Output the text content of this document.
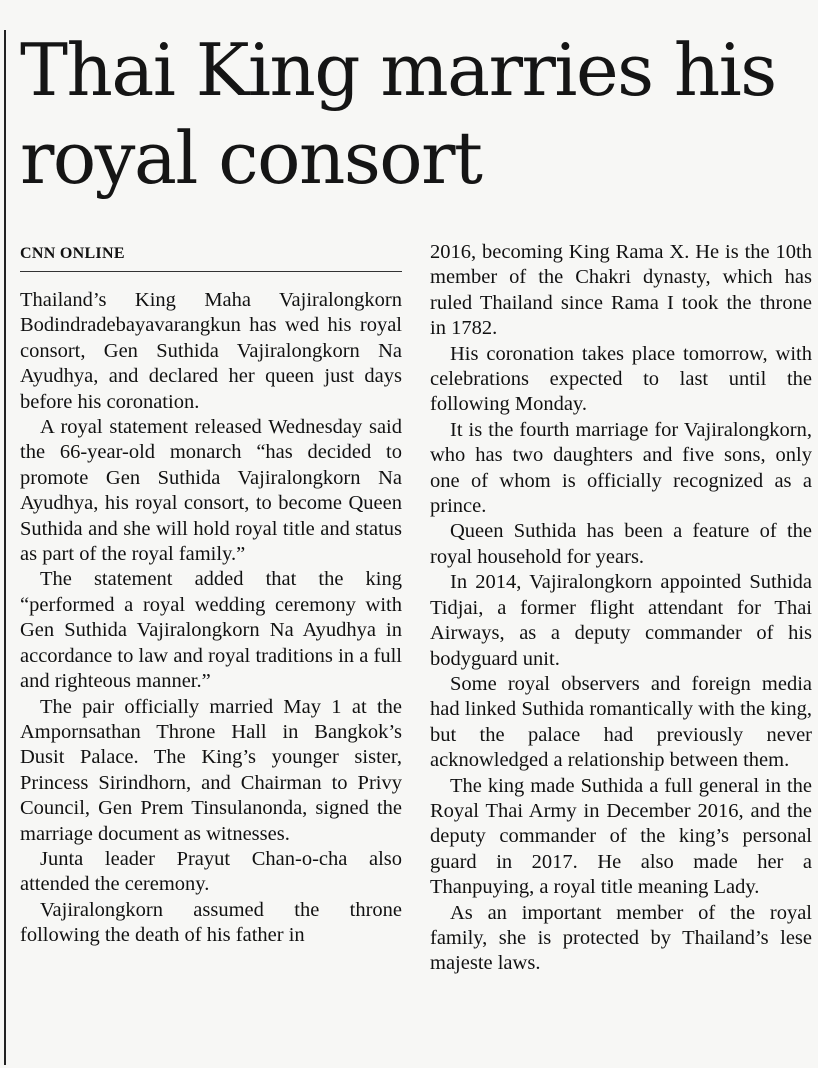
Thai King marries his royal consort
CNN ONLINE

Thailand’s King Maha Vajiralongkorn Bodindradebayavarangkun has wed his royal consort, Gen Suthida Vajiralongkorn Na Ayudhya, and declared her queen just days before his coronation.

A royal statement released Wednesday said the 66-year-old monarch “has decided to promote Gen Suthida Vajiralongkorn Na Ayudhya, his royal consort, to become Queen Suthida and she will hold royal title and status as part of the royal family.”

The statement added that the king “performed a royal wedding ceremony with Gen Suthida Vajiralongkorn Na Ayudhya in accordance to law and royal traditions in a full and righteous manner.”

The pair officially married May 1 at the Ampornsathan Throne Hall in Bangkok’s Dusit Palace. The King’s younger sister, Princess Sirindhorn, and Chairman to Privy Council, Gen Prem Tinsulanonda, signed the marriage document as witnesses.

Junta leader Prayut Chan-o-cha also attended the ceremony.

Vajiralongkorn assumed the throne following the death of his father in

2016, becoming King Rama X. He is the 10th member of the Chakri dynasty, which has ruled Thailand since Rama I took the throne in 1782.

His coronation takes place tomorrow, with celebrations expected to last until the following Monday.

It is the fourth marriage for Vajiralongkorn, who has two daughters and five sons, only one of whom is officially recognized as a prince.

Queen Suthida has been a feature of the royal household for years.

In 2014, Vajiralongkorn appointed Suthida Tidjai, a former flight attendant for Thai Airways, as a deputy commander of his bodyguard unit.

Some royal observers and foreign media had linked Suthida romantically with the king, but the palace had previously never acknowledged a relationship between them.

The king made Suthida a full general in the Royal Thai Army in December 2016, and the deputy commander of the king’s personal guard in 2017. He also made her a Thanpuying, a royal title meaning Lady.

As an important member of the royal family, she is protected by Thailand’s lese majeste laws.
